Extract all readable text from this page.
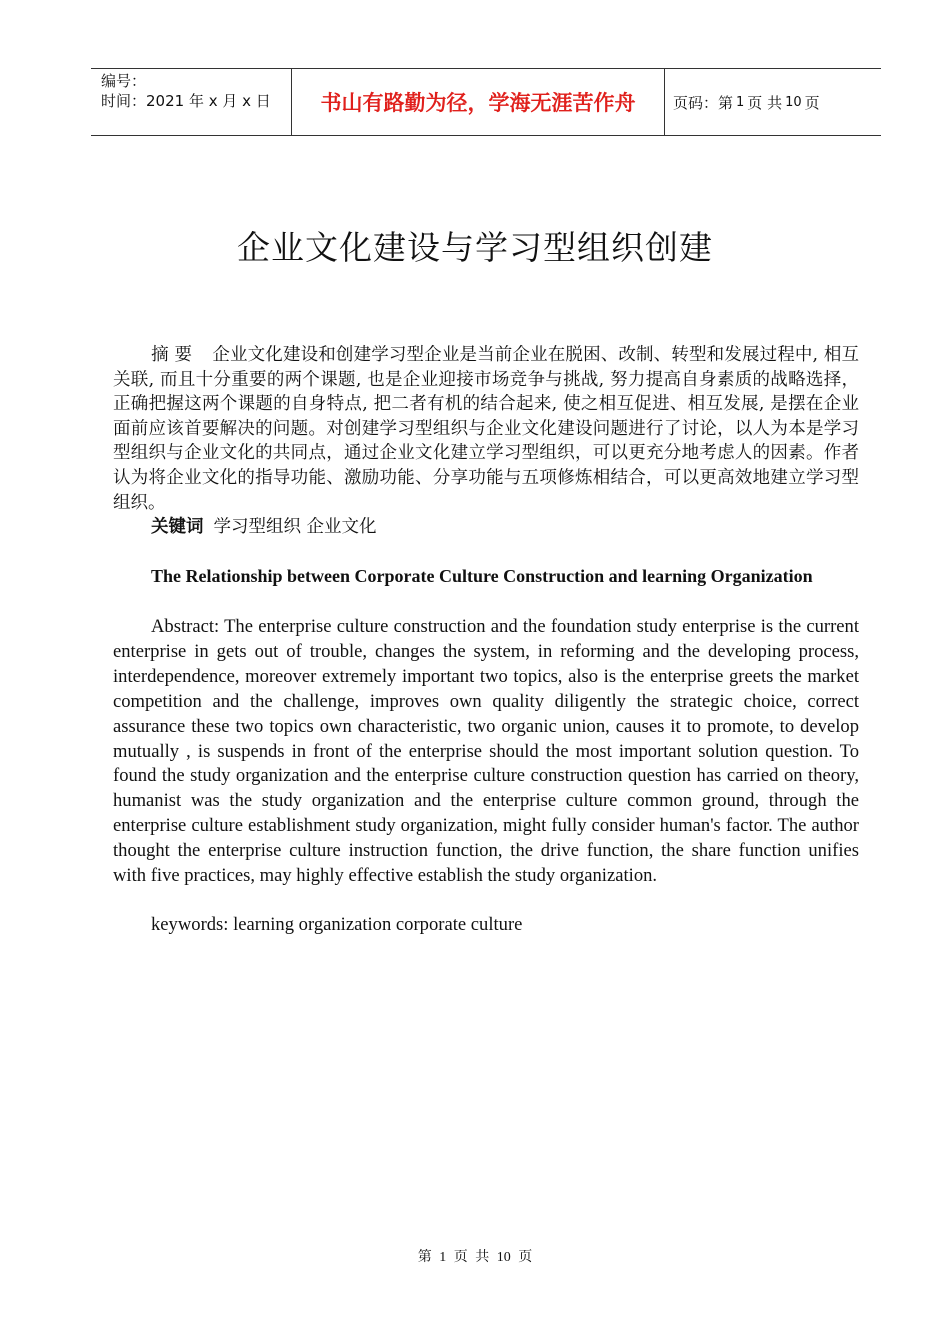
编号：
时间：2021 年 x 月 x 日	书山有路勤为径，学海无涯苦作舟	页码：第 1 页 共 10 页
企业文化建设与学习型组织创建
摘 要 企业文化建设和创建学习型企业是当前企业在脱困、改制、转型和发展过程中, 相互关联, 而且十分重要的两个课题, 也是企业迎接市场竞争与挑战, 努力提高自身素质的战略选择，正确把握这两个课题的自身特点, 把二者有机的结合起来, 使之相互促进、相互发展, 是摆在企业面前应该首要解决的问题。对创建学习型组织与企业文化建设问题进行了讨论，以人为本是学习型组织与企业文化的共同点，通过企业文化建立学习型组织，可以更充分地考虑人的因素。作者认为将企业文化的指导功能、激励功能、分享功能与五项修炼相结合，可以更高效地建立学习型组织。
关键词 学习型组织 企业文化
The Relationship between Corporate Culture Construction and learning Organization
Abstract: The enterprise culture construction and the foundation study enterprise is the current enterprise in gets out of trouble, changes the system, in reforming and the developing process, interdependence, moreover extremely important two topics, also is the enterprise greets the market competition and the challenge, improves own quality diligently the strategic choice, correct assurance these two topics own characteristic, two organic union, causes it to promote, to develop mutually , is suspends in front of the enterprise should the most important solution question. To found the study organization and the enterprise culture construction question has carried on theory, humanist was the study organization and the enterprise culture common ground, through the enterprise culture establishment study organization, might fully consider human's factor. The author thought the enterprise culture instruction function, the drive function, the share function unifies with five practices, may highly effective establish the study organization.
keywords: learning organization corporate culture
第 1 页 共 10 页
